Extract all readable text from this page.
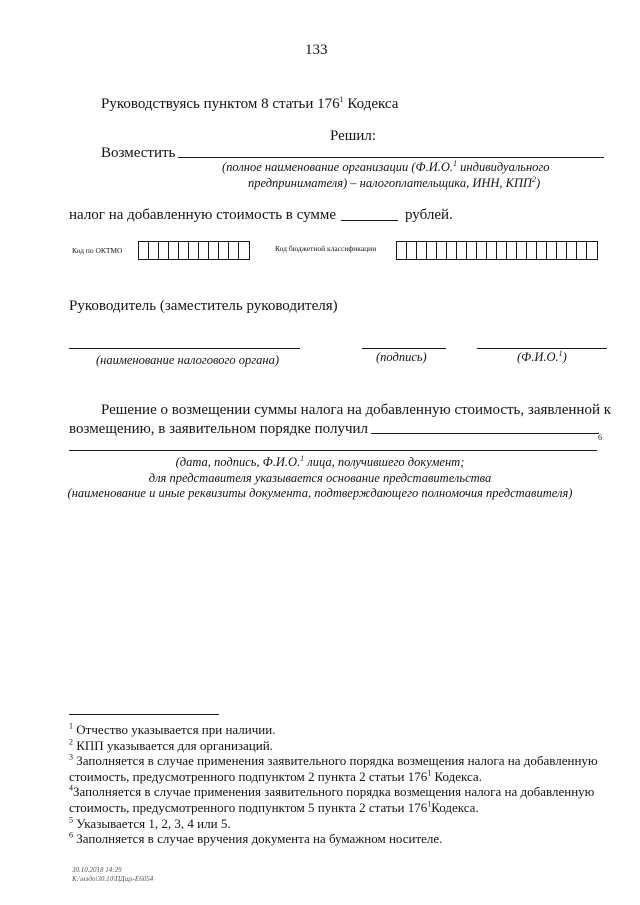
133
Руководствуясь пунктом 8 статьи $176^1$ Кодекса
Решил:
Возместить
(полное наименование организации (Ф.И.О.$^1$ индивидуального
предпринимателя) – налогоплательщика, ИНН, КПП$^2$)
налог на добавленную стоимость в сумме	рублей.
Код по ОКТМО	Код бюджетной классификации
Руководитель (заместитель руководителя)
(наименование налогового органа)	(подпись)	(Ф.И.О.$^1$)
Решение о возмещении суммы налога на добавленную стоимость, заявленной к
возмещению, в заявительном порядке получил
6
(дата, подпись, Ф.И.О.$^1$ лица, получившего документ;
для представителя указывается основание представительства
(наименование и иные реквизиты документа, подтверждающего полномочия представителя)

$^1$ Отчество указывается при наличии.

$^2$ КПП указывается для организаций.

$^3$ Заполняется в случае применения заявительного порядка возмещения налога на добавленную

стоимость, предусмотренного подпунктом 2 пункта 2 статьи $176^1$ Кодекса.

$^4$Заполняется в случае применения заявительного порядка возмещения налога на добавленную

стоимость, предусмотренного подпунктом 5 пункта 2 статьи $176^1Кодекса$.

$^5$ Указывается 1, 2, 3, 4 или 5.

$^6$ Заполняется в случае вручения документа на бумажном носителе.

30.10.2018 14:29
К:\мэдо\30.10\ПДщз-Е6054
